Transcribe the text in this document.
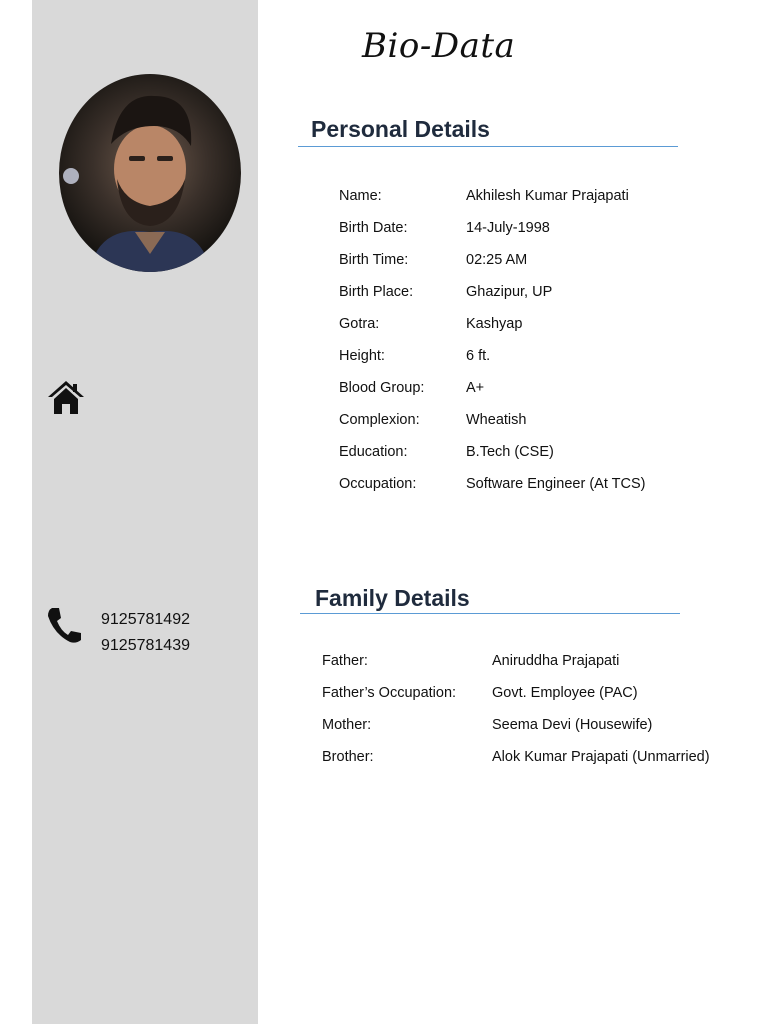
9125781492
9125781439
Bio-Data
Personal Details
Name:	Akhilesh Kumar Prajapati
Birth Date:	14-July-1998
Birth Time:	02:25 AM
Birth Place:	Ghazipur, UP
Gotra:	Kashyap
Height:	6 ft.
Blood Group:	A+
Complexion:	Wheatish
Education:	B.Tech (CSE)
Occupation:	Software Engineer (At TCS)
Family Details
Father:	Aniruddha Prajapati
Father’s Occupation: Govt. Employee (PAC)
Mother:	Seema Devi (Housewife)
Brother:	Alok Kumar Prajapati (Unmarried)
